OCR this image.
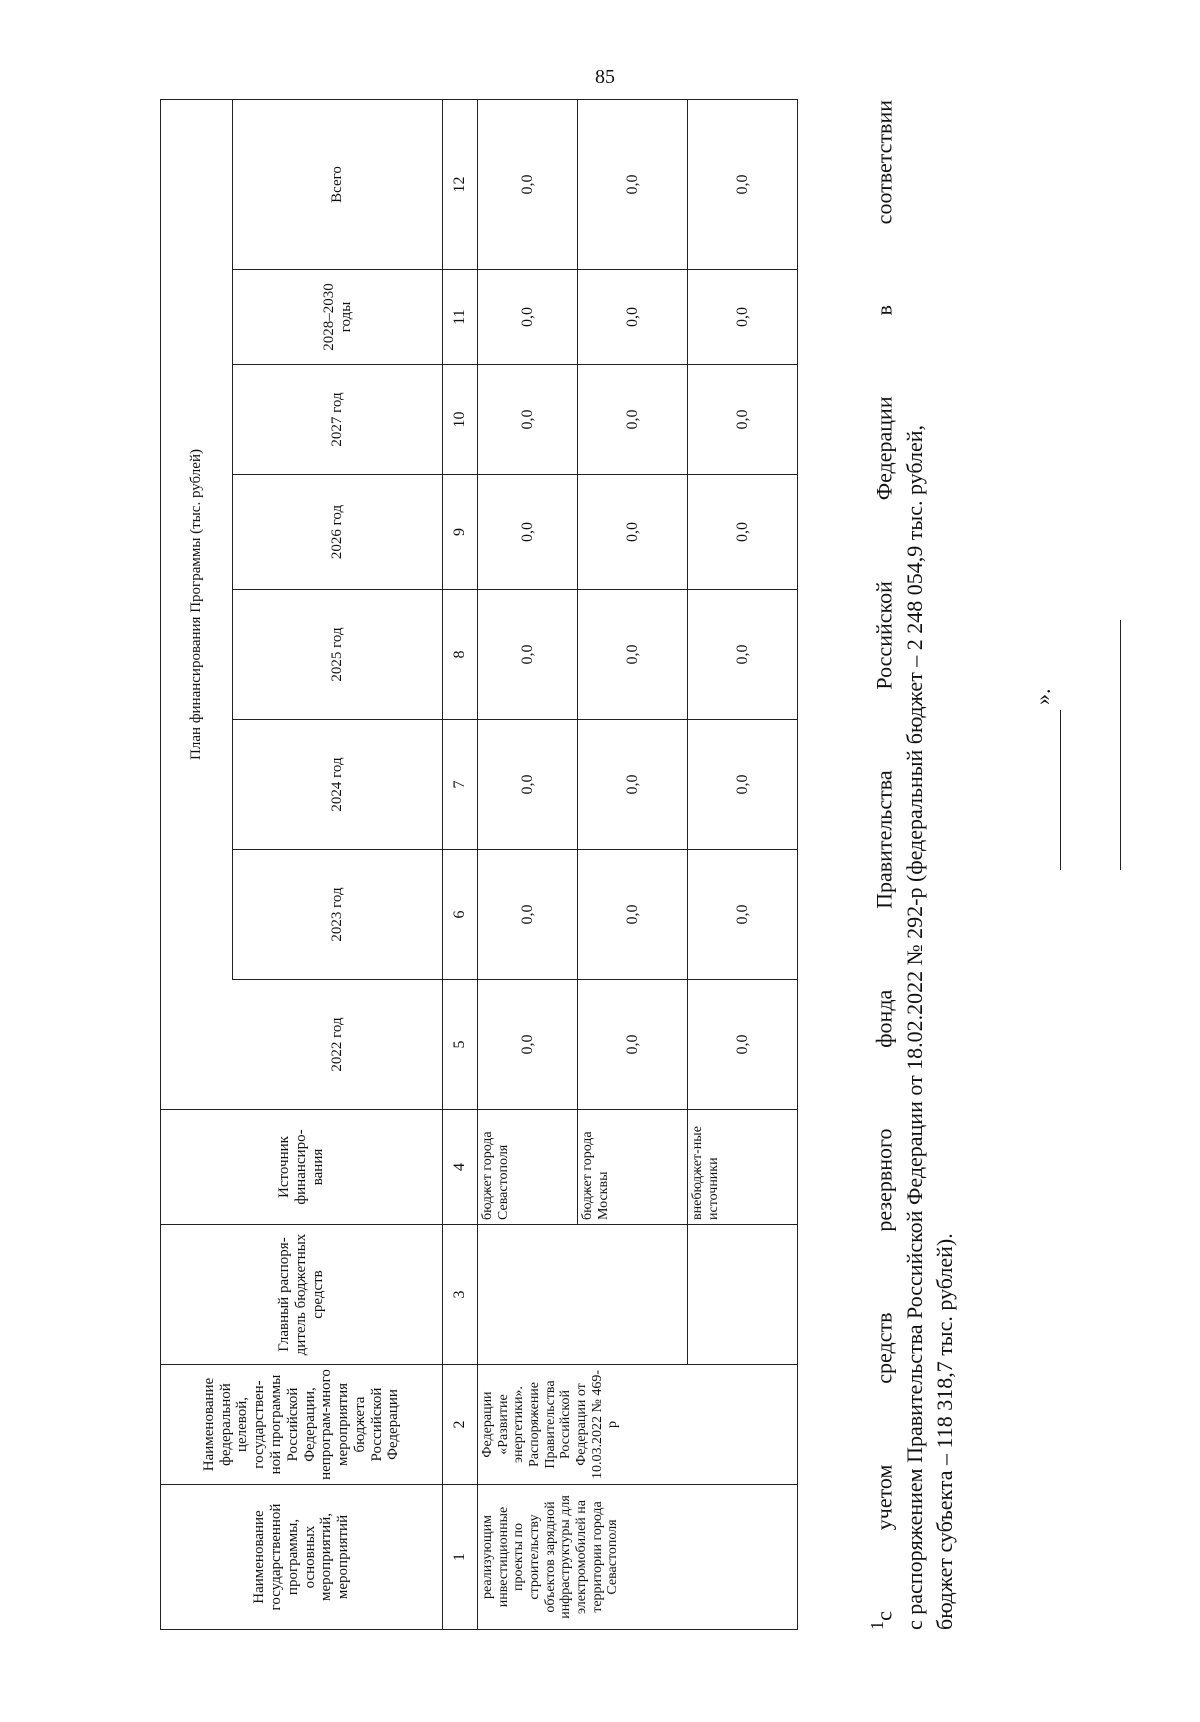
85
Наименование государственной программы, основных мероприятий, мероприятий	Наименование федеральной целевой, государствен-ной программы Российской Федерации, непрограм-много мероприятия бюджета Российской Федерации	Главный распоря-дитель бюджетных средств	Источник финансиро-вания	План финансирования Программы (тыс. рублей)							
				2022 год	2023 год	2024 год	2025 год	2026 год	2027 год	2028–2030 годы	Всего
1	2	3	4	5	6	7	8	9	10	11	12
реализующим инвестиционные проекты по строительству объектов зарядной инфраструктуры для электромобилей на территории города Севастополя	Федерации «Развитие энергетики». Распоряжение Правительства Российской Федерации от 10.03.2022 № 469-р		бюджет города Севастополя	0,0	0,0	0,0	0,0	0,0	0,0	0,0	0,0
			бюджет города Москвы	0,0	0,0	0,0	0,0	0,0	0,0	0,0	0,0
			внебюджет-ные источники	0,0	0,0	0,0	0,0	0,0	0,0	0,0	0,0
$^1$с учетом средств резервного фонда Правительства Российской Федерации в соответствии с распоряжением Правительства Российской Федерации от 18.02.2022 № 292-р (федеральный бюджет – 2 248 054,9 тыс. рублей, бюджет субъекта – 118 318,7 тыс. рублей).
».
